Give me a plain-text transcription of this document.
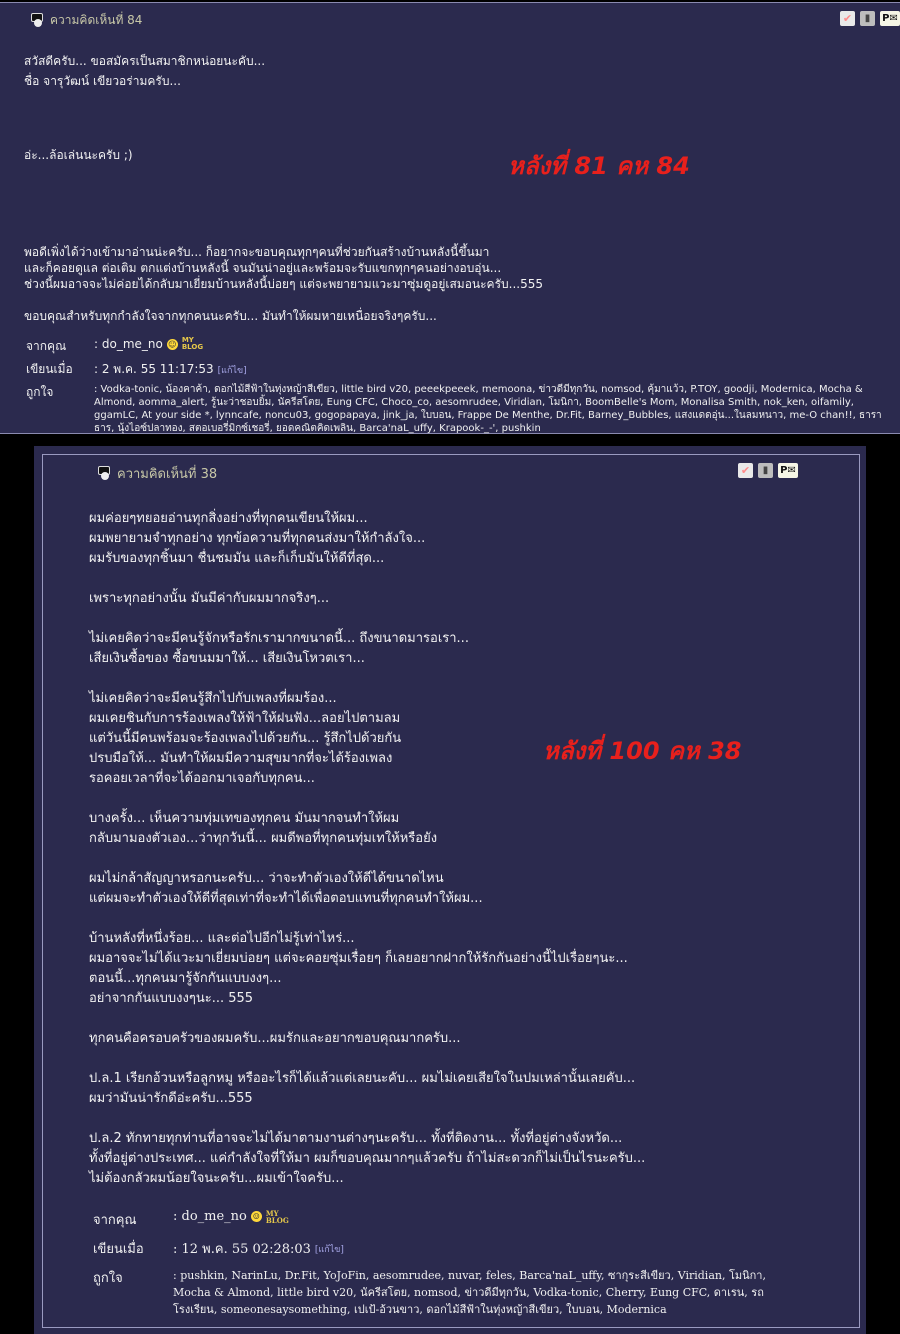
ความคิดเห็นที่ 84	✔	▮	P✉

สวัสดีครับ... ขอสมัครเป็นสมาชิกหน่อยนะคับ...

ชื่อ จารุวัฒน์ เขียวอร่ามครับ...

อ่ะ...ล้อเล่นนะครับ ;)

พอดีเพิ่งได้ว่างเข้ามาอ่านน่ะครับ... ก็อยากจะขอบคุณทุกๆคนที่ช่วยกันสร้างบ้านหลังนี้ขึ้นมา

และก็คอยดูแล ต่อเติม ตกแต่งบ้านหลังนี้ จนมันน่าอยู่และพร้อมจะรับแขกทุกๆคนอย่างอบอุ่น...

ช่วงนี้ผมอาจจะไม่ค่อยได้กลับมาเยี่ยมบ้านหลังนี้บ่อยๆ แต่จะพยายามแวะมาซุ่มดูอยู่เสมอนะครับ...555

ขอบคุณสำหรับทุกกำลังใจจากทุกคนนะครับ... มันทำให้ผมหายเหนื่อยจริงๆครับ...

หลังที่ 81 คห 84
จากคุณ	: do_me_no ☺ MY BLOG
เขียนเมื่อ	: 2 พ.ค. 55 11:17:53 [แก้ไข]
ถูกใจ	: Vodka-tonic, น้องคาค้า, ดอกไม้สีฟ้าในทุ่งหญ้าสีเขียว, little bird v20, peeekpeeek, memoona, ข่าวดีมีทุกวัน, nomsod, คุ้มาแว้ว, P.TOY, goodji, Modernica, Mocha & Almond, aomma_alert, รู้นะว่าชอบยิ้ม, นัครีสโตย, Eung CFC, Choco_co, aesomrudee, Viridian, โมนิกา, BoomBelle's Mom, Monalisa Smith, nok_ken, oifamily, ggamLC, At your side *, lynncafe, noncu03, gogopapaya, jink_ja, ใบบอน, Frappe De Menthe, Dr.Fit, Barney_Bubbles, แสงแดดอุ่น...ในลมหนาว, me-O chan!!, ธาราธาร, นุ้งไอซ์ปลาทอง, สตอเบอรี่มิกซ์เชอรี่, ยอดคณิตคิดเพลิน, Barca'naL_uffy, Krapook-_-', pushkin
ความคิดเห็นที่ 38	✔	▮	P✉

ผมค่อยๆทยอยอ่านทุกสิ่งอย่างที่ทุกคนเขียนให้ผม...

ผมพยายามจำทุกอย่าง ทุกข้อความที่ทุกคนส่งมาให้กำลังใจ...

ผมรับของทุกชิ้นมา ชื่นชมมัน และก็เก็บมันให้ดีที่สุด...

เพราะทุกอย่างนั้น มันมีค่ากับผมมากจริงๆ...

ไม่เคยคิดว่าจะมีคนรู้จักหรือรักเรามากขนาดนี้... ถึงขนาดมารอเรา...

เสียเงินซื้อของ ซื้อขนมมาให้... เสียเงินโหวตเรา...

ไม่เคยคิดว่าจะมีคนรู้สึกไปกับเพลงที่ผมร้อง...

ผมเคยชินกับการร้องเพลงให้ฟ้าให้ฝนฟัง...ลอยไปตามลม

แต่วันนี้มีคนพร้อมจะร้องเพลงไปด้วยกัน... รู้สึกไปด้วยกัน

ปรบมือให้... มันทำให้ผมมีความสุขมากที่จะได้ร้องเพลง

รอคอยเวลาที่จะได้ออกมาเจอกับทุกคน...

บางครั้ง... เห็นความทุ่มเทของทุกคน มันมากจนทำให้ผม

กลับมามองตัวเอง...ว่าทุกวันนี้... ผมดีพอที่ทุกคนทุ่มเทให้หรือยัง

ผมไม่กล้าสัญญาหรอกนะครับ... ว่าจะทำตัวเองให้ดีได้ขนาดไหน

แต่ผมจะทำตัวเองให้ดีที่สุดเท่าที่จะทำได้เพื่อตอบแทนที่ทุกคนทำให้ผม...

บ้านหลังที่หนึ่งร้อย... และต่อไปอีกไม่รู้เท่าไหร่...

ผมอาจจะไม่ได้แวะมาเยี่ยมบ่อยๆ แต่จะคอยซุ่มเรื่อยๆ ก็เลยอยากฝากให้รักกันอย่างนี้ไปเรื่อยๆนะ...

ตอนนี้...ทุกคนมารู้จักกันแบบงงๆ...

อย่าจากกันแบบงงๆนะ... 555

ทุกคนคือครอบครัวของผมครับ...ผมรักและอยากขอบคุณมากครับ...

ป.ล.1 เรียกอ้วนหรือลูกหมู หรืออะไรก็ได้แล้วแต่เลยนะคับ... ผมไม่เคยเสียใจในปมเหล่านั้นเลยคับ...

ผมว่ามันน่ารักดีอ่ะครับ...555

ป.ล.2 ทักทายทุกท่านที่อาจจะไม่ได้มาตามงานต่างๆนะครับ... ทั้งที่ติดงาน... ทั้งที่อยู่ต่างจังหวัด...

ทั้งที่อยู่ต่างประเทศ... แค่กำลังใจที่ให้มา ผมก็ขอบคุณมากๆแล้วครับ ถ้าไม่สะดวกก็ไม่เป็นไรนะครับ...

ไม่ต้องกลัวผมน้อยใจนะครับ...ผมเข้าใจครับ...

หลังที่ 100 คห 38
จากคุณ	: do_me_no ☺ MY BLOG
เขียนเมื่อ	: 12 พ.ค. 55 02:28:03 [แก้ไข]
ถูกใจ	: pushkin, NarinLu, Dr.Fit, YoJoFin, aesomrudee, nuvar, feles, Barca'naL_uffy, ซากุระสีเขียว, Viridian, โมนิกา, Mocha & Almond, little bird v20, นัครีสโตย, nomsod, ข่าวดีมีทุกวัน, Vodka-tonic, Cherry, Eung CFC, ดาเรน, รถโรงเรียน, someonesaysomething, เปเป้-อ้วนขาว, ดอกไม้สีฟ้าในทุ่งหญ้าสีเขียว, ใบบอน, Modernica
